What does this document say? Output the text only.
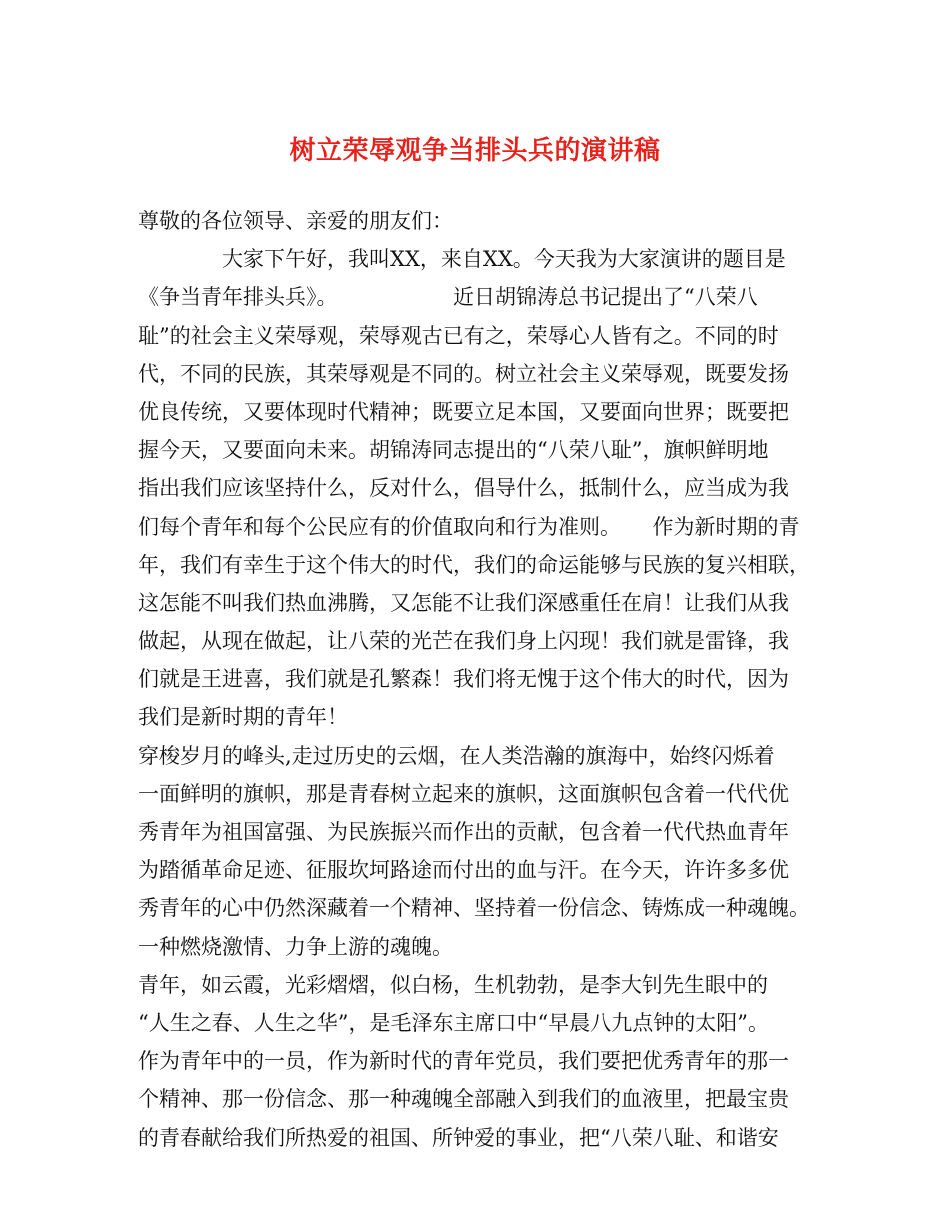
树立荣辱观争当排头兵的演讲稿
尊敬的各位领导、亲爱的朋友们：
　　　　大家下午好，我叫XX，来自XX。今天我为大家演讲的题目是
《争当青年排头兵》。　　　　　　近日胡锦涛总书记提出了“八荣八
耻”的社会主义荣辱观，荣辱观古已有之，荣辱心人皆有之。不同的时
代，不同的民族，其荣辱观是不同的。树立社会主义荣辱观，既要发扬
优良传统，又要体现时代精神；既要立足本国，又要面向世界；既要把
握今天，又要面向未来。胡锦涛同志提出的“八荣八耻”，旗帜鲜明地
指出我们应该坚持什么，反对什么，倡导什么，抵制什么，应当成为我
们每个青年和每个公民应有的价值取向和行为准则。　　作为新时期的青
年，我们有幸生于这个伟大的时代，我们的命运能够与民族的复兴相联，
这怎能不叫我们热血沸腾，又怎能不让我们深感重任在肩！让我们从我
做起，从现在做起，让八荣的光芒在我们身上闪现！我们就是雷锋，我
们就是王进喜，我们就是孔繁森！我们将无愧于这个伟大的时代，因为
我们是新时期的青年！
穿梭岁月的峰头,走过历史的云烟，在人类浩瀚的旗海中，始终闪烁着
一面鲜明的旗帜，那是青春树立起来的旗帜，这面旗帜包含着一代代优
秀青年为祖国富强、为民族振兴而作出的贡献，包含着一代代热血青年
为踏循革命足迹、征服坎坷路途而付出的血与汗。在今天，许许多多优
秀青年的心中仍然深藏着一个精神、坚持着一份信念、铸炼成一种魂魄。
一种燃烧激情、力争上游的魂魄。
青年，如云霞，光彩熠熠，似白杨，生机勃勃，是李大钊先生眼中的
“人生之春、人生之华”，是毛泽东主席口中“早晨八九点钟的太阳”。
作为青年中的一员，作为新时代的青年党员，我们要把优秀青年的那一
个精神、那一份信念、那一种魂魄全部融入到我们的血液里，把最宝贵
的青春献给我们所热爱的祖国、所钟爱的事业，把“八荣八耻、和谐安
